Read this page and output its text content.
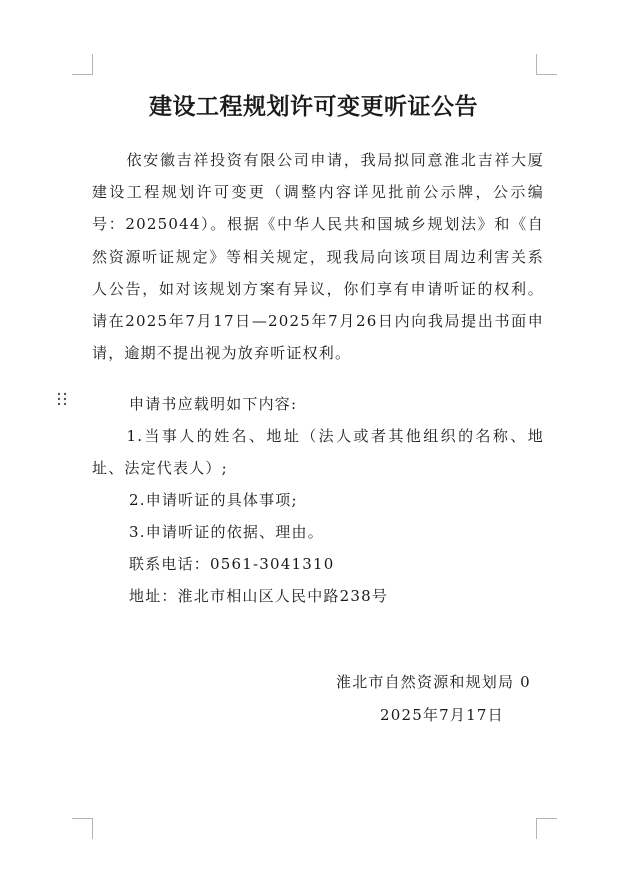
建设工程规划许可变更听证公告

依安徽吉祥投资有限公司申请，我局拟同意淮北吉祥大厦建设工程规划许可变更（调整内容详见批前公示牌，公示编号：2025044）。根据《中华人民共和国城乡规划法》和《自然资源听证规定》等相关规定，现我局向该项目周边利害关系人公告，如对该规划方案有异议，你们享有申请听证的权利。请在2025年7月17日—2025年7月26日内向我局提出书面申请，逾期不提出视为放弃听证权利。

申请书应载明如下内容:

1.当事人的姓名、地址（法人或者其他组织的名称、地址、法定代表人）;

2.申请听证的具体事项;

3.申请听证的依据、理由。

联系电话：0561-3041310

地址：淮北市相山区人民中路238号

淮北市自然资源和规划局 0
2025年7月17日
